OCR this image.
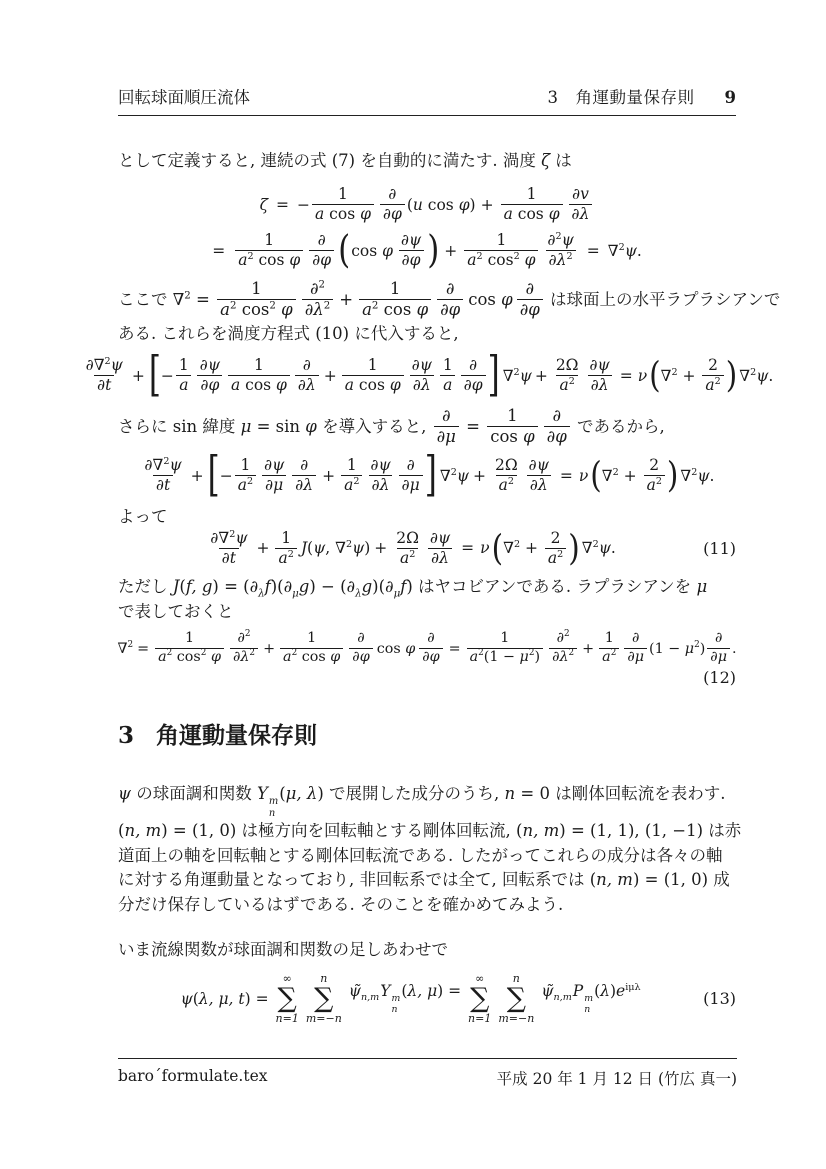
回転球面順圧流体	3　角運動量保存則 9
として定義すると, 連続の式 (7) を自動的に満たす. 渦度 ζ は
ζ = − $\frac{1}{\text{a cos φ}} \frac{\partial}{\partial\varphi} (u$ $\cos \varphi) + \frac{1}{\text{a cos φ}} \frac{\partial v}{\partial\lambda}$
= $\frac{1}{a^2 \cos \varphi} \frac{\partial}{\partial\varphi}$ ( cos φ $\frac{\partial\psi}{\partial\varphi}$ ) + $\frac{1}{a^2 \cos^2 \varphi} \frac{\partial^2\psi}{\partial\lambda^2} = \nabla^2\psi$.
ここで $\nabla^2 = \frac{1}{a^2 \cos^2 \varphi} \frac{\partial^2}{\partial\lambda^2} + \frac{1}{a^2 \cos \varphi} \frac{\partial}{\partial\varphi}$ cos φ $\frac{\partial}{\partial\varphi}$ は球面上の水平ラプラシアンで
ある. これらを渦度方程式 (10) に代入すると,
$\frac{\partial\nabla^2\psi}{\partial t}$ + [ − $\frac{1}{a} \frac{\partial\psi}{\partial\varphi} \frac{1}{\text{a cos φ}} \frac{\partial}{\partial\lambda} + \frac{1}{\text{a cos φ}} \frac{\partial\psi}{\partial\lambda} \frac{1}{a} \frac{\partial}{\partial\varphi}$ ] $\nabla^2\psi + \frac{2\Omega}{a^2} \frac{\partial\psi}{\partial\lambda} = \nu$ ( $\nabla^2 + \frac{2}{a^2}$ ) ∇$^2$ψ.
さらに sin 緯度 μ = sin φ を導入すると, $\frac{\partial}{\partial\mu} = \frac{1}{\text{cos φ}} \frac{\partial}{\partial\varphi}$ であるから,
$\frac{\partial\nabla^2\psi}{\partial t}$ + [ − $\frac{1}{a^2} \frac{\partial\psi}{\partial\mu} \frac{\partial}{\partial\lambda} + \frac{1}{a^2} \frac{\partial\psi}{\partial\lambda} \frac{\partial}{\partial\mu}$ ] $\nabla^2\psi + \frac{2\Omega}{a^2} \frac{\partial\psi}{\partial\lambda} = \nu$ ( $\nabla^2 + \frac{2}{a^2}$ ) ∇$^2$ψ.
よって
$\frac{\partial\nabla^2\psi}{\partial t} + \frac{1}{a^2} J(\psi$, $\nabla^2\psi) + \frac{2\Omega}{a^2} \frac{\partial\psi}{\partial\lambda} = \nu$ ( $\nabla^2 + \frac{2}{a^2}$ ) ∇$^2$ψ.	(11)
ただし J(f, $g) = (\partial_\lambda f)(\partial_\mu g) - (\partial_\lambda g)(\partial_\mu f)$ はヤコビアンである. ラプラシアンを μ
で表しておくと
$\nabla^2 = \frac{1}{a^2 \cos^2 \varphi} \frac{\partial^2}{\partial\lambda^2} + \frac{1}{a^2 \cos \varphi} \frac{\partial}{\partial\varphi}$ cos φ $\frac{\partial}{\partial\varphi} = \frac{1}{a^2(1 - \mu^2)} \frac{\partial^2}{\partial\lambda^2} + \frac{1}{a^2} \frac{\partial}{\partial\mu} (1 - \mu^2) \frac{\partial}{\partial\mu}$ .
(12)
3 角運動量保存則
ψ の球面調和関数 Y m
n
(μ, λ) で展開した成分のうち, n = 0 は剛体回転流を表わす.
(n, m) = (1, 0) は極方向を回転軸とする剛体回転流, (n, m) = (1, 1), (1, −1) は赤
道面上の軸を回転軸とする剛体回転流である. したがってこれらの成分は各々の軸
に対する角運動量となっており, 非回転系では全て, 回転系では (n, m) = (1, 0) 成
分だけ保存しているはずである. そのことを確かめてみよう.
いま流線関数が球面調和関数の足しあわせで
ψ(λ, μ, t) =
∞
∑
n=1
n
∑
m=−n
$\psĩ_{n,m}Y$ m
n
(λ, μ) =
∞
∑
n=1
n
∑
m=−n
$\psĩ_{n,m}P$ m
n
$(\lambda)e^{i\mu\lambda}$
(13)
baro´formulate.tex	平成 20 年 1 月 12 日 (竹広 真一)
